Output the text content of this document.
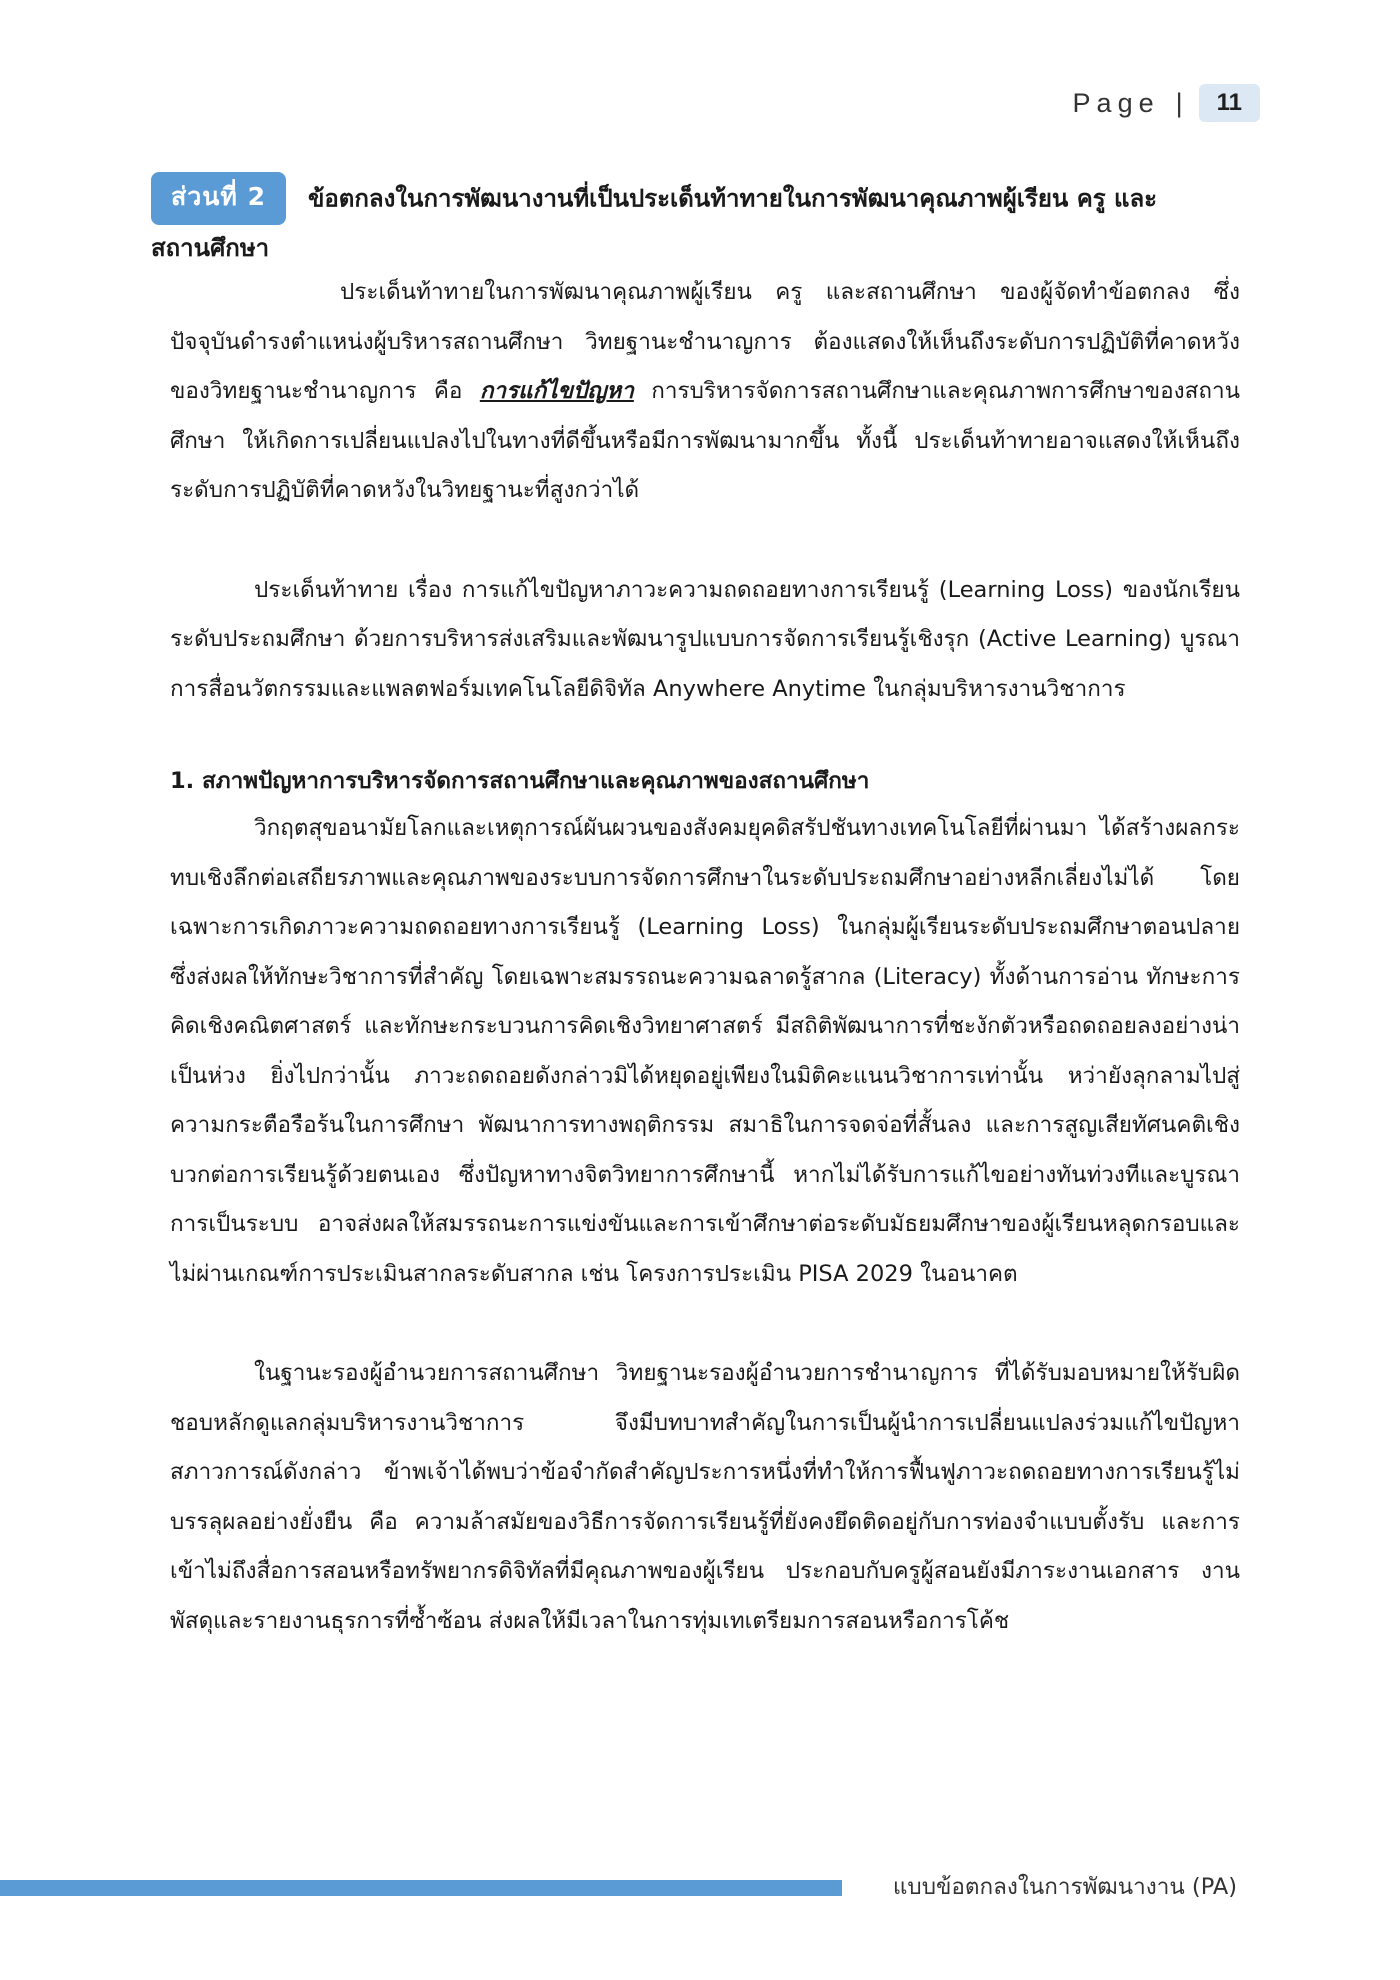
Page |	11
ส่วนที่ 2 ข้อตกลงในการพัฒนางานที่เป็นประเด็นท้าทายในการพัฒนาคุณภาพผู้เรียน ครู และ
สถานศึกษา

ประเด็นท้าทายในการพัฒนาคุณภาพผู้เรียน ครู และสถานศึกษา ของผู้จัดทำข้อตกลง ซึ่งปัจจุบันดำรงตำแหน่งผู้บริหารสถานศึกษา วิทยฐานะชำนาญการ ต้องแสดงให้เห็นถึงระดับการปฏิบัติที่คาดหวังของวิทยฐานะชำนาญการ คือ การแก้ไขปัญหา การบริหารจัดการสถานศึกษาและคุณภาพการศึกษาของสถานศึกษา ให้เกิดการเปลี่ยนแปลงไปในทางที่ดีขึ้นหรือมีการพัฒนามากขึ้น ทั้งนี้ ประเด็นท้าทายอาจแสดงให้เห็นถึงระดับการปฏิบัติที่คาดหวังในวิทยฐานะที่สูงกว่าได้

ประเด็นท้าทาย เรื่อง การแก้ไขปัญหาภาวะความถดถอยทางการเรียนรู้ (Learning Loss) ของนักเรียนระดับประถมศึกษา ด้วยการบริหารส่งเสริมและพัฒนารูปแบบการจัดการเรียนรู้เชิงรุก (Active Learning) บูรณาการสื่อนวัตกรรมและแพลตฟอร์มเทคโนโลยีดิจิทัล Anywhere Anytime ในกลุ่มบริหารงานวิชาการ

1. สภาพปัญหาการบริหารจัดการสถานศึกษาและคุณภาพของสถานศึกษา

วิกฤตสุขอนามัยโลกและเหตุการณ์ผันผวนของสังคมยุคดิสรัปชันทางเทคโนโลยีที่ผ่านมา ได้สร้างผลกระทบเชิงลึกต่อเสถียรภาพและคุณภาพของระบบการจัดการศึกษาในระดับประถมศึกษาอย่างหลีกเลี่ยงไม่ได้ โดยเฉพาะการเกิดภาวะความถดถอยทางการเรียนรู้ (Learning Loss) ในกลุ่มผู้เรียนระดับประถมศึกษาตอนปลาย ซึ่งส่งผลให้ทักษะวิชาการที่สำคัญ โดยเฉพาะสมรรถนะความฉลาดรู้สากล (Literacy) ทั้งด้านการอ่าน ทักษะการคิดเชิงคณิตศาสตร์ และทักษะกระบวนการคิดเชิงวิทยาศาสตร์ มีสถิติพัฒนาการที่ชะงักตัวหรือถดถอยลงอย่างน่าเป็นห่วง ยิ่งไปกว่านั้น ภาวะถดถอยดังกล่าวมิได้หยุดอยู่เพียงในมิติคะแนนวิชาการเท่านั้น หว่ายังลุกลามไปสู่ความกระตือรือร้นในการศึกษา พัฒนาการทางพฤติกรรม สมาธิในการจดจ่อที่สั้นลง และการสูญเสียทัศนคติเชิงบวกต่อการเรียนรู้ด้วยตนเอง ซึ่งปัญหาทางจิตวิทยาการศึกษานี้ หากไม่ได้รับการแก้ไขอย่างทันท่วงทีและบูรณาการเป็นระบบ อาจส่งผลให้สมรรถนะการแข่งขันและการเข้าศึกษาต่อระดับมัธยมศึกษาของผู้เรียนหลุดกรอบและไม่ผ่านเกณฑ์การประเมินสากลระดับสากล เช่น โครงการประเมิน PISA 2029 ในอนาคต

ในฐานะรองผู้อำนวยการสถานศึกษา วิทยฐานะรองผู้อำนวยการชำนาญการ ที่ได้รับมอบหมายให้รับผิดชอบหลักดูแลกลุ่มบริหารงานวิชาการ จึงมีบทบาทสำคัญในการเป็นผู้นำการเปลี่ยนแปลงร่วมแก้ไขปัญหาสภาวการณ์ดังกล่าว ข้าพเจ้าได้พบว่าข้อจำกัดสำคัญประการหนึ่งที่ทำให้การฟื้นฟูภาวะถดถอยทางการเรียนรู้ไม่บรรลุผลอย่างยั่งยืน คือ ความล้าสมัยของวิธีการจัดการเรียนรู้ที่ยังคงยึดติดอยู่กับการท่องจำแบบตั้งรับ และการเข้าไม่ถึงสื่อการสอนหรือทรัพยากรดิจิทัลที่มีคุณภาพของผู้เรียน ประกอบกับครูผู้สอนยังมีภาระงานเอกสาร งานพัสดุและรายงานธุรการที่ซ้ำซ้อน ส่งผลให้มีเวลาในการทุ่มเทเตรียมการสอนหรือการโค้ช

แบบข้อตกลงในการพัฒนางาน (PA)
